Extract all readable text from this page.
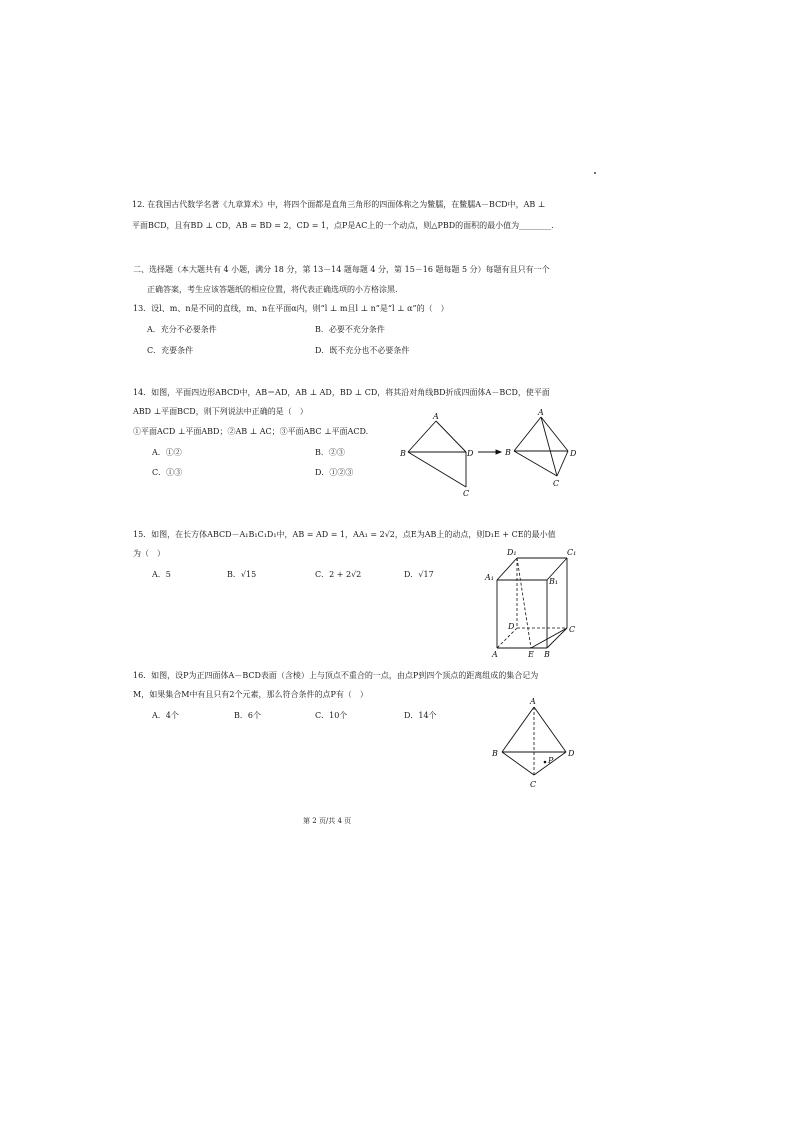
12. 在我国古代数学名著《九章算术》中，将四个面都是直角三角形的四面体称之为鳖臑，在鳖臑A－BCD中，AB ⊥
平面BCD，且有BD ⊥ CD，AB = BD = 2，CD = 1，点P是AC上的一个动点，则△PBD的面积的最小值为________.
二、选择题（本大题共有 4 小题，满分 18 分，第 13－14 题每题 4 分，第 15－16 题每题 5 分）每题有且只有一个
正确答案，考生应该答题纸的相应位置，将代表正确选项的小方格涂黑.
13．设l、m、n是不同的直线，m、n在平面α内，则“l ⊥ m且l ⊥ n”是“l ⊥ α”的（　）
A．充分不必要条件	B．必要不充分条件
C．充要条件	D．既不充分也不必要条件
14．如图，平面四边形ABCD中，AB＝AD，AB ⊥ AD，BD ⊥ CD，将其沿对角线BD折成四面体A－BCD，使平面
ABD ⊥平面BCD，则下列说法中正确的是（　）
①平面ACD ⊥平面ABD；②AB ⊥ AC；③平面ABC ⊥平面ACD.
A．①②	B．②③
C．①③	D．①②③
A
B	D
C
A
B	D
C
15．如图，在长方体ABCD－A₁B₁C₁D₁中，AB = AD = 1，AA₁ = 2√2，点E为AB上的动点，则D₁E + CE的最小值
为（　）
A．5	B．√15	C．2 + 2√2	D．√17
D₁	C₁
A₁	B₁
D	C
A	E B
16．如图，设P为正四面体A－BCD表面（含棱）上与顶点不重合的一点，由点P到四个顶点的距离组成的集合记为
M，如果集合M中有且只有2个元素，那么符合条件的点P有（　）
A．4个	B．6个	C．10个	D．14个
A
B	D
P
C
第 2 页/共 4 页
